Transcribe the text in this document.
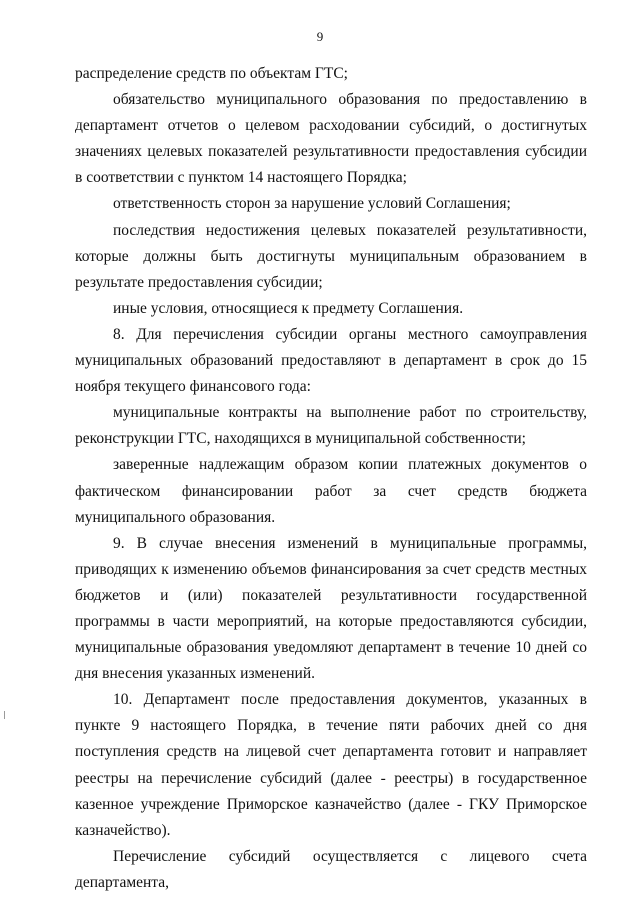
9

распределение средств по объектам ГТС;

обязательство муниципального образования по предоставлению в департамент отчетов о целевом расходовании субсидий, о достигнутых значениях целевых показателей результативности предоставления субсидии в соответствии с пунктом 14 настоящего Порядка;

ответственность сторон за нарушение условий Соглашения;

последствия недостижения целевых показателей результативности, которые должны быть достигнуты муниципальным образованием в результате предоставления субсидии;

иные условия, относящиеся к предмету Соглашения.

8. Для перечисления субсидии органы местного самоуправления муниципальных образований предоставляют в департамент в срок до 15 ноября текущего финансового года:

муниципальные контракты на выполнение работ по строительству, реконструкции ГТС, находящихся в муниципальной собственности;

заверенные надлежащим образом копии платежных документов о фактическом финансировании работ за счет средств бюджета муниципального образования.

9. В случае внесения изменений в муниципальные программы, приводящих к изменению объемов финансирования за счет средств местных бюджетов и (или) показателей результативности государственной программы в части мероприятий, на которые предоставляются субсидии, муниципальные образования уведомляют департамент в течение 10 дней со дня внесения указанных изменений.

10. Департамент после предоставления документов, указанных в пункте 9 настоящего Порядка, в течение пяти рабочих дней со дня поступления средств на лицевой счет департамента готовит и направляет реестры на перечисление субсидий (далее - реестры) в государственное казенное учреждение Приморское казначейство (далее - ГКУ Приморское казначейство).

Перечисление субсидий осуществляется с лицевого счета департамента,
